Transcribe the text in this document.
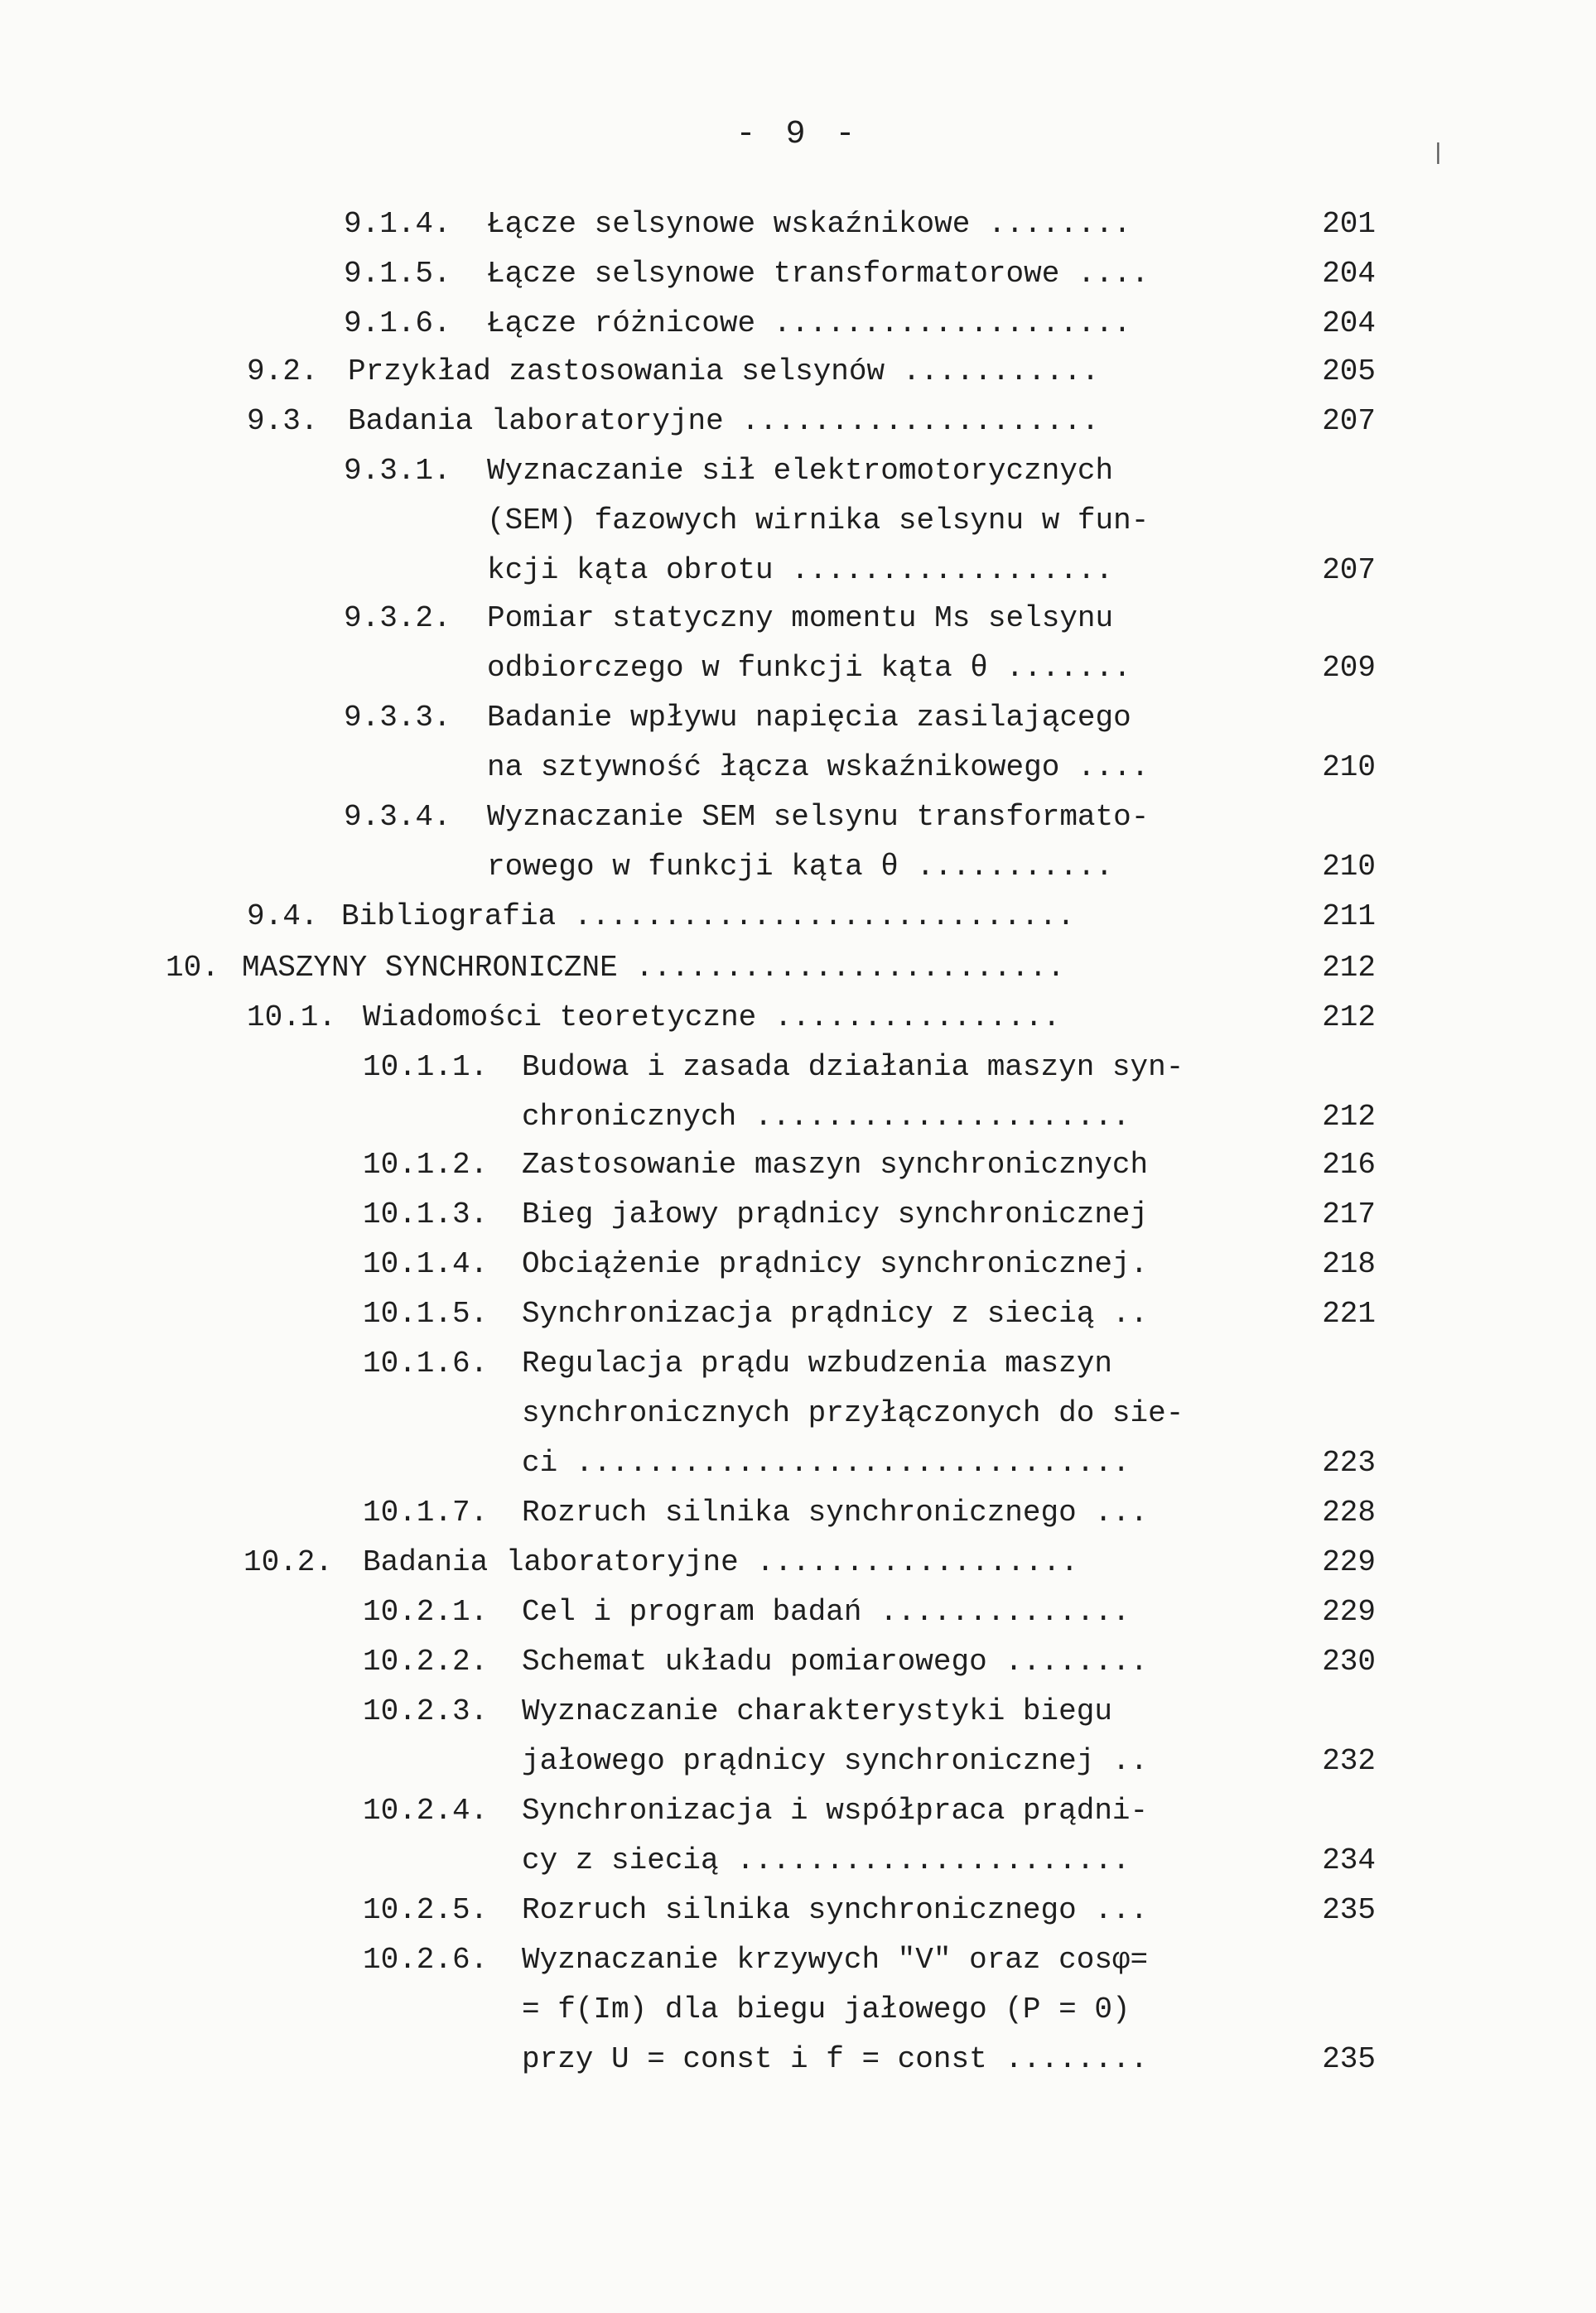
- 9 -
9.1.4. Łącze selsynowe wskaźnikowe ........	201
9.1.5. Łącze selsynowe transformatorowe ....	204
9.1.6. Łącze różnicowe ....................	204
9.2. Przykład zastosowania selsynów ...........	205
9.3. Badania laboratoryjne ....................	207
9.3.1. Wyznaczanie sił elektromotorycznych
(SEM) fazowych wirnika selsynu w fun-
kcji kąta obrotu ..................	207
9.3.2. Pomiar statyczny momentu Ms selsynu
odbiorczego w funkcji kąta θ .......	209
9.3.3. Badanie wpływu napięcia zasilającego
na sztywność łącza wskaźnikowego ....	210
9.3.4. Wyznaczanie SEM selsynu transformato-
rowego w funkcji kąta θ ...........	210
9.4. Bibliografia ............................	211
10. MASZYNY SYNCHRONICZNE ........................	212
10.1. Wiadomości teoretyczne ................	212
10.1.1. Budowa i zasada działania maszyn syn-
chronicznych .....................	212
10.1.2. Zastosowanie maszyn synchronicznych	216
10.1.3. Bieg jałowy prądnicy synchronicznej	217
10.1.4. Obciążenie prądnicy synchronicznej.	218
10.1.5. Synchronizacja prądnicy z siecią ..	221
10.1.6. Regulacja prądu wzbudzenia maszyn
synchronicznych przyłączonych do sie-
ci ...............................	223
10.1.7. Rozruch silnika synchronicznego ...	228
10.2. Badania laboratoryjne ..................	229
10.2.1. Cel i program badań ..............	229
10.2.2. Schemat układu pomiarowego ........	230
10.2.3. Wyznaczanie charakterystyki biegu
jałowego prądnicy synchronicznej ..	232
10.2.4. Synchronizacja i współpraca prądni-
cy z siecią ......................	234
10.2.5. Rozruch silnika synchronicznego ...	235
10.2.6. Wyznaczanie krzywych "V" oraz cosφ=
= f(Im) dla biegu jałowego (P = 0)
przy U = const i f = const ........	235
|
